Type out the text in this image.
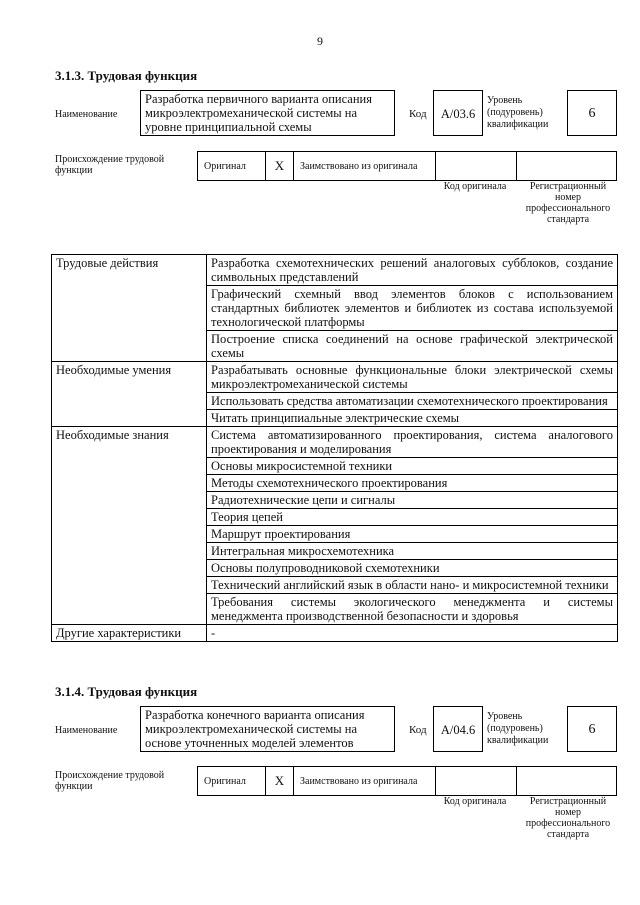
9
3.1.3. Трудовая функция
Наименование
Разработка первичного варианта описания микроэлектромеханической системы на уровне принципиальной схемы
Код	А/03.6
Уровень (подуровень) квалификации
6
Происхождение трудовой функции	Оригинал	X	Заимствовано из оригинала
Код оригинала	Регистрационный номер профессионального стандарта
Трудовые действия	Разработка схемотехнических решений аналоговых субблоков, создание символьных представлений
	Графический схемный ввод элементов блоков с использованием стандартных библиотек элементов и библиотек из состава используемой технологической платформы
	Построение списка соединений на основе графической электрической схемы
Необходимые умения	Разрабатывать основные функциональные блоки электрической схемы микроэлектромеханической системы
	Использовать средства автоматизации схемотехнического проектирования
	Читать принципиальные электрические схемы
Необходимые знания	Система автоматизированного проектирования, система аналогового проектирования и моделирования
	Основы микросистемной техники
	Методы схемотехнического проектирования
	Радиотехнические цепи и сигналы
	Теория цепей
	Маршрут проектирования
	Интегральная микросхемотехника
	Основы полупроводниковой схемотехники
	Технический английский язык в области нано- и микросистемной техники
	Требования системы экологического менеджмента и системы менеджмента производственной безопасности и здоровья
Другие характеристики	-
3.1.4. Трудовая функция
Наименование
Разработка конечного варианта описания микроэлектромеханической системы на основе уточненных моделей элементов
Код	А/04.6
Уровень (подуровень) квалификации
6
Происхождение трудовой функции	Оригинал	X	Заимствовано из оригинала
Код оригинала	Регистрационный номер профессионального стандарта
